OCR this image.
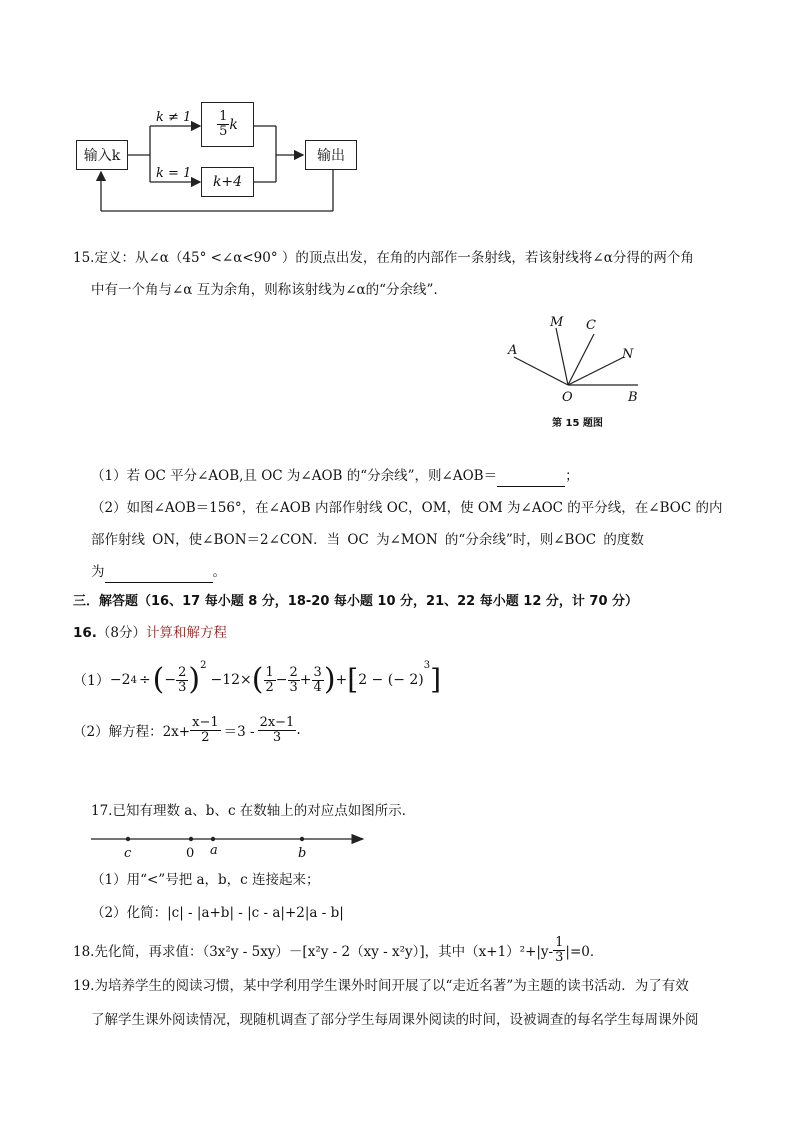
输入k
$\frac{1}{5}$ k
k+4
输出
k ≠ 1
k = 1
15.定义：从∠α（45° <∠α<90° ）的顶点出发，在角的内部作一条射线，若该射线将∠α分得的两个角
中有一个角与∠α 互为余角，则称该射线为∠α的“分余线”．
A
M C
N
O	B
第 15 题图
（1）若 OC 平分∠AOB,且 OC 为∠AOB 的“分余线”，则∠AOB＝	；
（2）如图∠AOB＝156°，在∠AOB 内部作射线 OC，OM，使 OM 为∠AOC 的平分线，在∠BOC 的内
部作射线 ON，使∠BON＝2∠CON．当 OC 为∠MON 的“分余线”时，则∠BOC 的度数
为	。
三．解答题（16、17 每小题 8 分，18-20 每小题 10 分，21、22 每小题 12 分，计 70 分）
16.（8分）计算和解方程
（1） −2 4 ÷ ( − $\frac{2}{3} )^2$
−12× ( $\frac{1}{2} - \frac{2}{3} + \frac{3}{4}$ ) + [ 2 − (− 2)
3 ]
（2）解方程：$2x+ \frac{x-1}{2} =3 - \frac{2x-1}{3}$ .
17.已知有理数 a、b、c 在数轴上的对应点如图所示．
c	0 a	b
（1）用“<”号把 a，b，c 连接起来；
（2）化简：|c| - |a+b| - |c - a|+2|a - b|
18.先化简，再求值：（3x²y - 5xy）－[x²y - 2（xy - x²y）]，其中$(x+1)^2+|y- \frac{1}{3} |=0$．
19.为培养学生的阅读习惯，某中学利用学生课外时间开展了以“走近名著”为主题的读书活动．为了有效
了解学生课外阅读情况，现随机调查了部分学生每周课外阅读的时间，设被调查的每名学生每周课外阅
